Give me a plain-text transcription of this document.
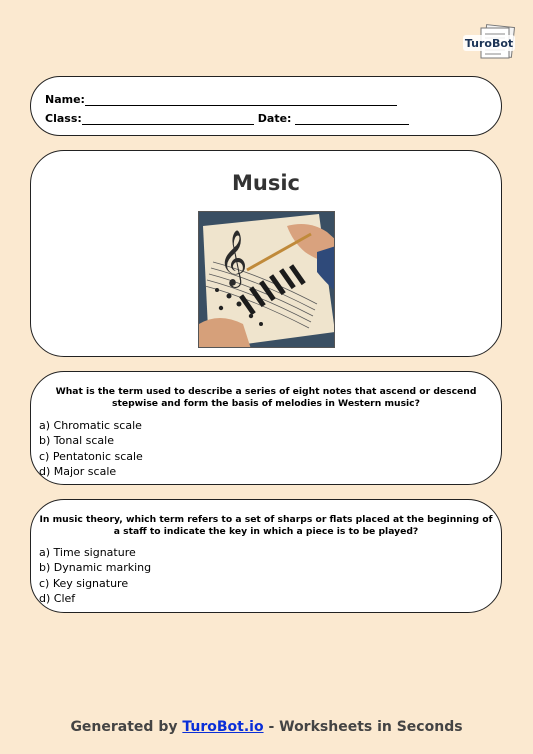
TuroBot
Name:
Class:	Date:
Music
𝄞
What is the term used to describe a series of eight notes that ascend or descend stepwise and form the basis of melodies in Western music?
a) Chromatic scale
b) Tonal scale
c) Pentatonic scale
d) Major scale
In music theory, which term refers to a set of sharps or flats placed at the beginning of a staff to indicate the key in which a piece is to be played?
a) Time signature
b) Dynamic marking
c) Key signature
d) Clef
Generated by TuroBot.io - Worksheets in Seconds
